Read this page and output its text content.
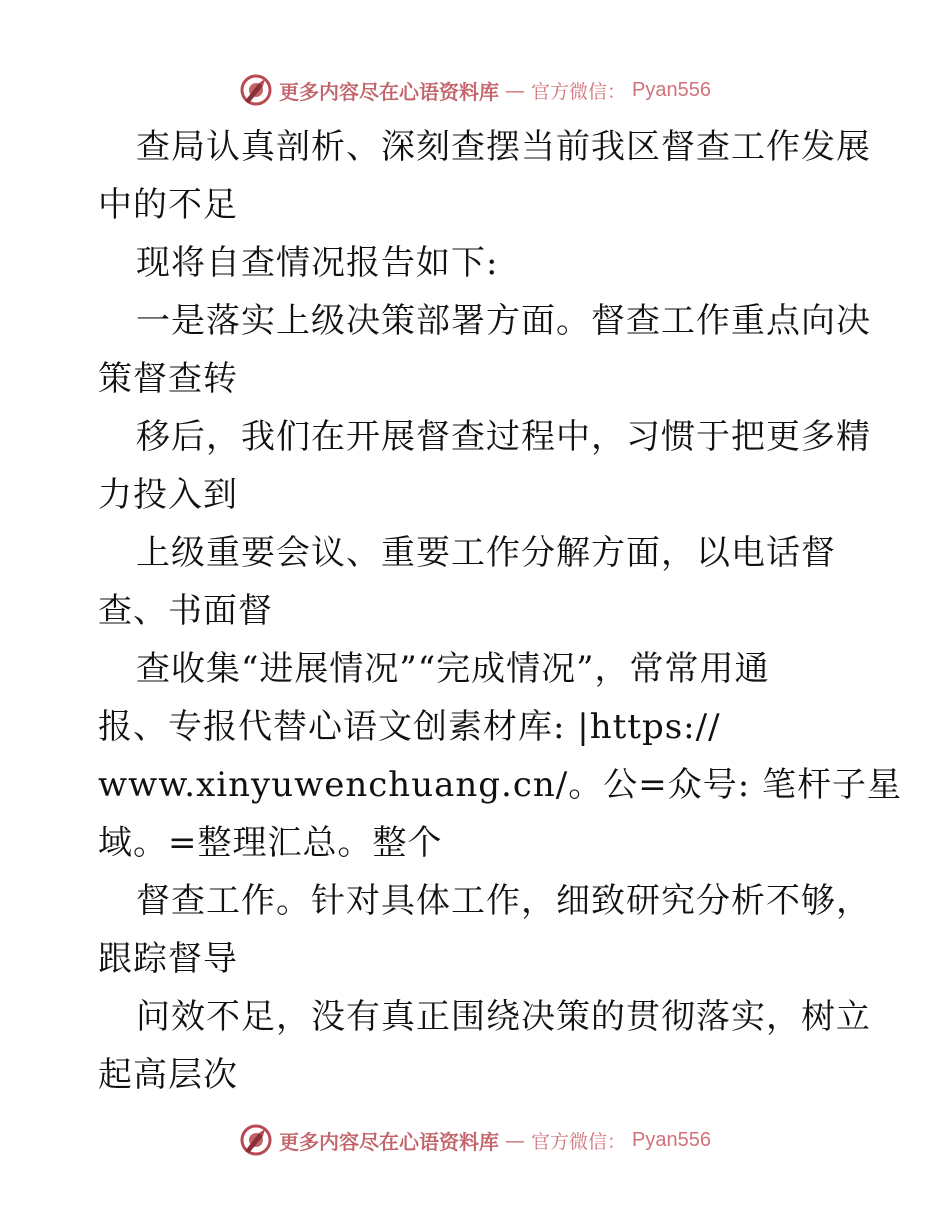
更多内容尽在心语资料库 — 官方微信： Pyan556
查局认真剖析、深刻查摆当前我区督查工作发展
中的不足
现将自查情况报告如下:
一是落实上级决策部署方面。督查工作重点向决
策督查转
移后，我们在开展督查过程中，习惯于把更多精
力投入到
上级重要会议、重要工作分解方面，以电话督
查、书面督
查收集“进展情况”“完成情况”，常常用通
报、专报代替心语文创素材库: |https://
www.xinyuwenchuang.cn/。公=众号: 笔杆子星
域。=整理汇总。整个
督查工作。针对具体工作，细致研究分析不够，
跟踪督导
问效不足，没有真正围绕决策的贯彻落实，树立
起高层次
更多内容尽在心语资料库 — 官方微信： Pyan556
